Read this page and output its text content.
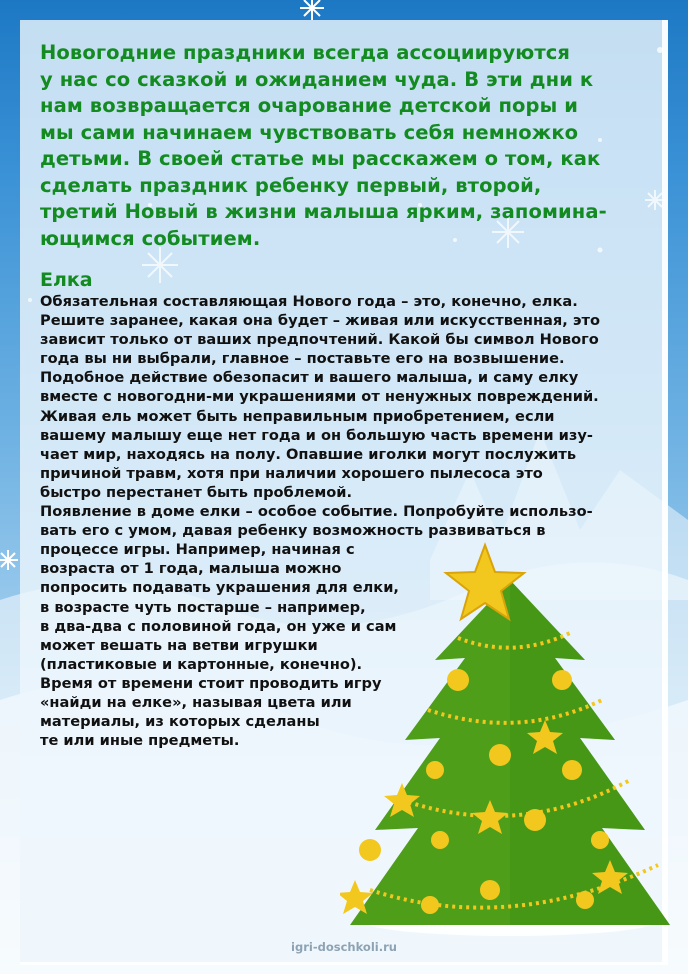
Новогодние праздники всегда ассоциируются
у нас со сказкой и ожиданием чуда. В эти дни к
нам возвращается очарование детской поры и
мы сами начинаем чувствовать себя немножко
детьми. В своей статье мы расскажем о том, как
сделать праздник ребенку первый, второй,
третий Новый в жизни малыша ярким, запомина-
ющимся событием.
Елка
Обязательная составляющая Нового года – это, конечно, елка.
Решите заранее, какая она будет – живая или искусственная, это
зависит только от ваших предпочтений. Какой бы символ Нового
года вы ни выбрали, главное – поставьте его на возвышение.
Подобное действие обезопасит и вашего малыша, и саму елку
вместе с новогодни-ми украшениями от ненужных повреждений.
Живая ель может быть неправильным приобретением, если
вашему малышу еще нет года и он большую часть времени изу-
чает мир, находясь на полу. Опавшие иголки могут послужить
причиной травм, хотя при наличии хорошего пылесоса это
быстро перестанет быть проблемой.
Появление в доме елки – особое событие. Попробуйте использо-
вать его с умом, давая ребенку возможность развиваться в
процессе игры. Например, начиная с
возраста от 1 года, малыша можно
попросить подавать украшения для елки,
в возрасте чуть постарше – например,
в два-два с половиной года, он уже и сам
может вешать на ветви игрушки
(пластиковые и картонные, конечно).
Время от времени стоит проводить игру
«найди на елке», называя цвета или
материалы, из которых сделаны
те или иные предметы.
igri-doschkoli.ru
